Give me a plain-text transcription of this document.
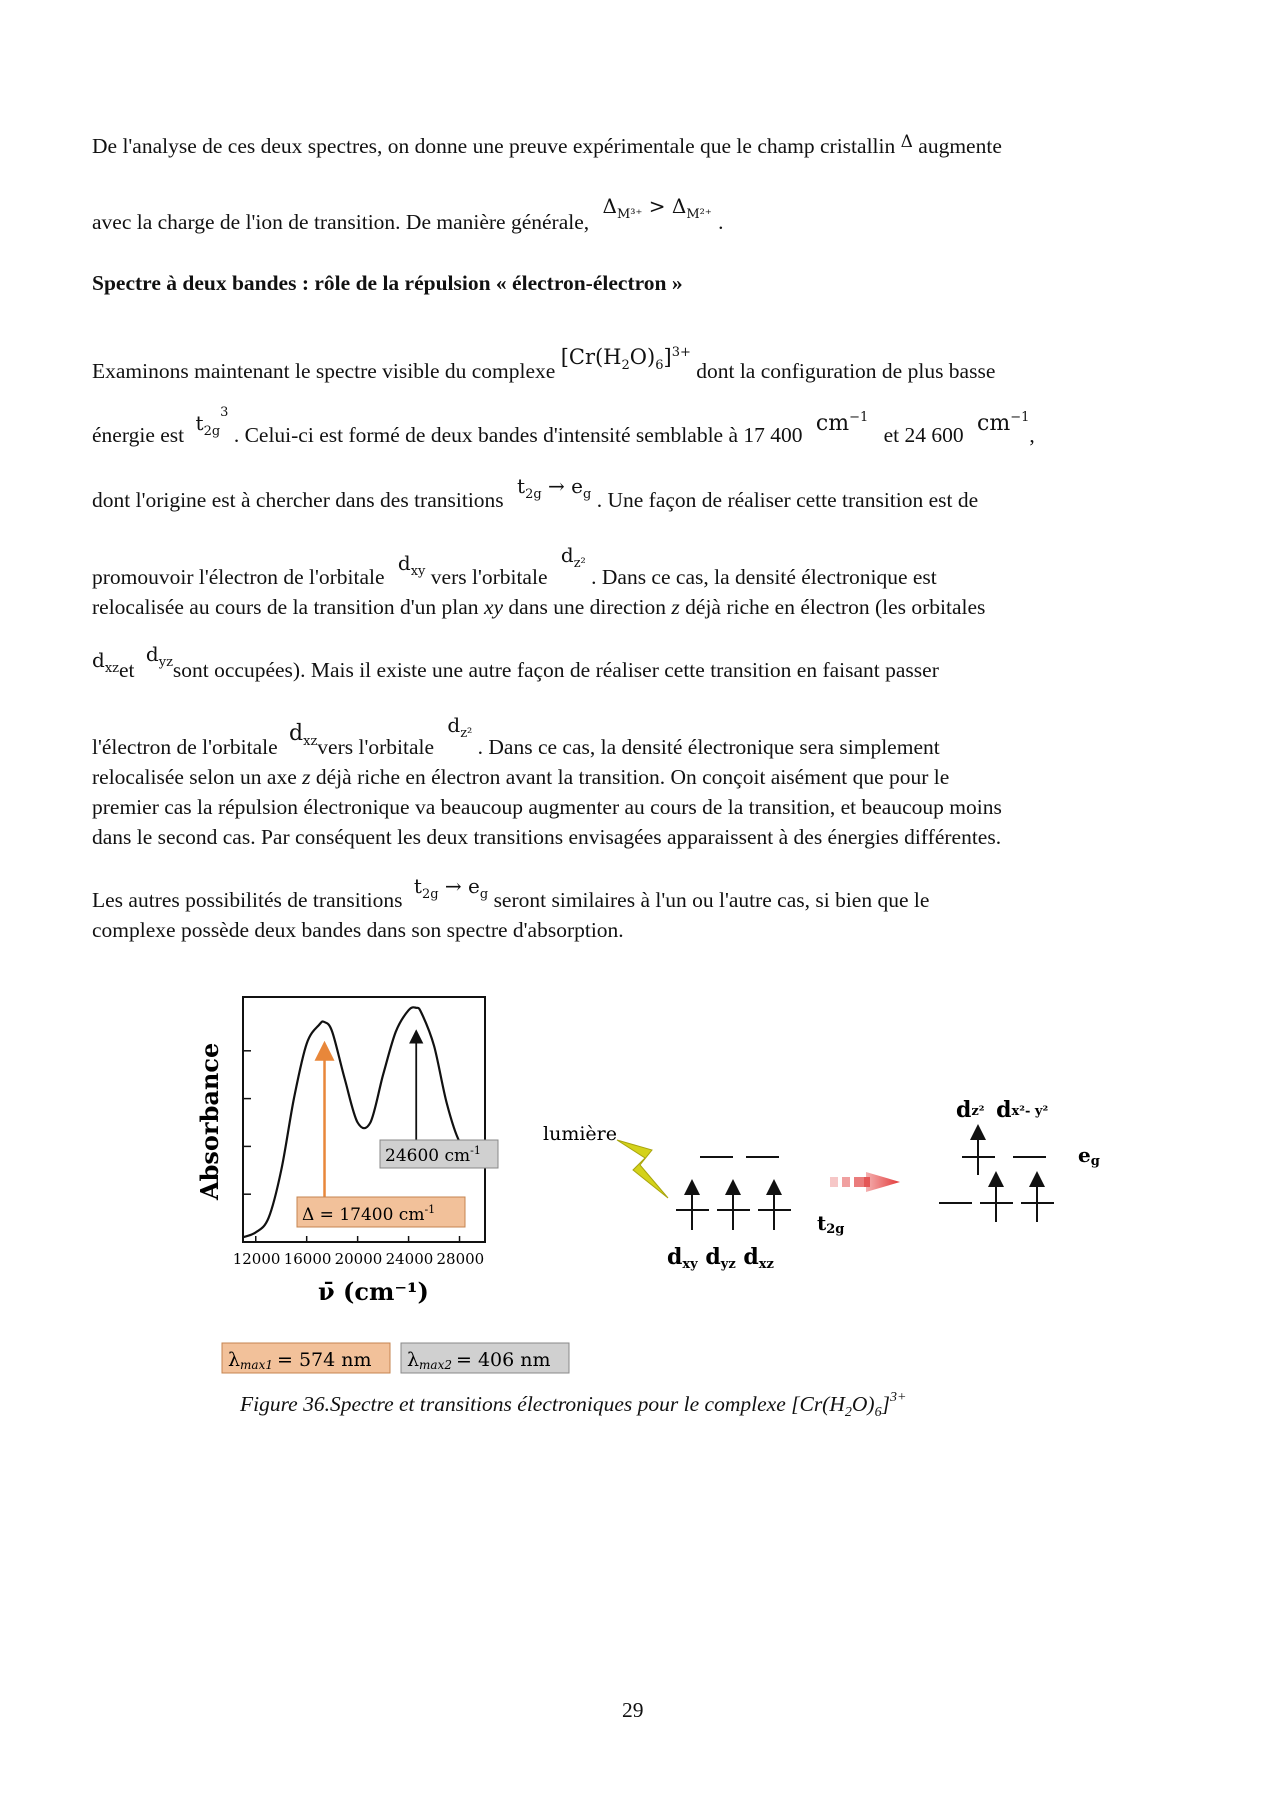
De l'analyse de ces deux spectres, on donne une preuve expérimentale que le champ cristallin $^\Delta$ augmente
avec la charge de l'ion de transition. De manière générale, $\Delta_{M^{3+}} > \Delta_{M^{2+}}$ .
Spectre à deux bandes : rôle de la répulsion « électron-électron »
Examinons maintenant le spectre visible du complexe $[Cr(H_2O)_6]^{3+}$ dont la configuration de plus basse
énergie est $t_{2g}^3$ . Celui-ci est formé de deux bandes d'intensité semblable à 17 400 $cm^{-1}$ et 24 600 $cm^{-1}$,
dont l'origine est à chercher dans des transitions $t_{2g} \to e_g$ . Une façon de réaliser cette transition est de
promouvoir l'électron de l'orbitale $d_{xy}$ vers l'orbitale $d_{z^2}$ . Dans ce cas, la densité électronique est
relocalisée au cours de la transition d'un plan xy dans une direction z déjà riche en électron (les orbitales
$d_{xz}et$ $d_{yz}sont$ occupées). Mais il existe une autre façon de réaliser cette transition en faisant passer
l'électron de l'orbitale $d_{xz}vers$ l'orbitale $d_{z^2}$ . Dans ce cas, la densité électronique sera simplement
relocalisée selon un axe z déjà riche en électron avant la transition. On conçoit aisément que pour le
premier cas la répulsion électronique va beaucoup augmenter au cours de la transition, et beaucoup moins
dans le second cas. Par conséquent les deux transitions envisagées apparaissent à des énergies différentes.
Les autres possibilités de transitions $t_{2g} \to e_g$ seront similaires à l'un ou l'autre cas, si bien que le
complexe possède deux bandes dans son spectre d'absorption.
24600 $cm^{-1}$
Δ = 17400 $cm^{-1}$
Absorbance
12000 16000 20000 24000 28000
ν̄ (cm⁻¹)
λmax1 = 574 nm λmax2 = 406 nm
lumière
t2g
dxy dyz dxz
dz² dx²- y²
eg
Figure 36.Spectre et transitions électroniques pour le complexe $[Cr(H_2O)_6]^{3+}$
29
